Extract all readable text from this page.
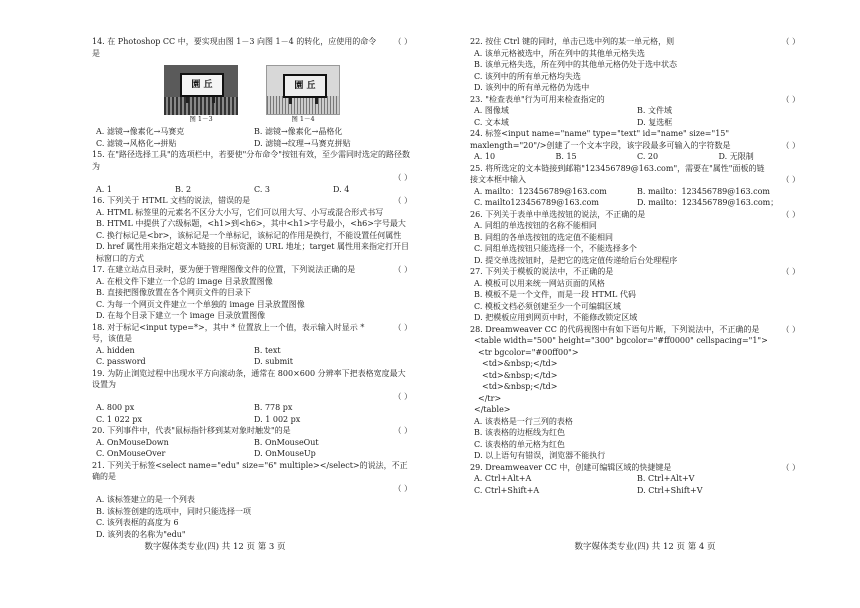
14. 在 Photoshop CC 中，要实现由图 1－3 向图 1－4 的转化，应使用的命令是
（ ）
園 丘
图 1－3
園 丘
图 1－4
A. 滤镜→像素化→马赛克	B. 滤镜→像素化→晶格化
C. 滤镜→风格化→拼贴	D. 滤镜→纹理→马赛克拼贴
15. 在"路径选择工具"的选项栏中，若要使"分布命令"按钮有效，至少需同时选定的路径数为
（ ）
A. 1	B. 2	C. 3	D. 4
16. 下列关于 HTML 文档的说法，错误的是	（ ）
A. HTML 标签里的元素名不区分大小写，它们可以用大写、小写或混合形式书写
B. HTML 中提供了六级标题，<h1>到<h6>，其中<h1>字号最小，<h6>字号最大
C. 换行标记是<br>，该标记是一个单标记，该标记的作用是换行，不能设置任何属性
D. href 属性用来指定超文本链接的目标资源的 URL 地址；target 属性用来指定打开目标窗口的方式
17. 在建立站点目录时，要为便于管理图像文件的位置，下列说法正确的是	（ ）
A. 在根文件下建立一个总的 image 目录放置图像
B. 直接把图像放置在各个网页文件的目录下
C. 为每一个网页文件建立一个单独的 image 目录放置图像
D. 在每个目录下建立一个 image 目录放置图像
18. 对于标记<input type=*>，其中 * 位置放上一个值，表示输入时显示 * 号，该值是
（ ）
A. hidden	B. text
C. password	D. submit
19. 为防止浏览过程中出现水平方向滚动条，通常在 800×600 分辨率下把表格宽度最大设置为
（ ）
A. 800 px	B. 778 px
C. 1 022 px	D. 1 002 px
20. 下列事件中，代表"鼠标指针移到某对象时触发"的是	（ ）
A. OnMouseDown	B. OnMouseOut
C. OnMouseOver	D. OnMouseUp
21. 下列关于标签<select name="edu" size="6" multiple></select>的说法，不正确的是
（ ）
A. 该标签建立的是一个列表
B. 该标签创建的选项中，同时只能选择一项
C. 该列表框的高度为 6
D. 该列表的名称为"edu"
数字媒体类专业(四) 共 12 页 第 3 页
22. 按住 Ctrl 键的同时，单击已选中列的某一单元格，则	（ ）
A. 该单元格被选中，所在列中的其他单元格失选
B. 该单元格失选，所在列中的其他单元格仍处于选中状态
C. 该列中的所有单元格均失选
D. 该列中的所有单元格仍为选中
23. "检查表单"行为可用来检查指定的	（ ）
A. 图像域	B. 文件域
C. 文本域	D. 复选框
24. 标签<input name="name" type="text" id="name" size="15" maxlength="20"/>创建了一个文本字段，该字段最多可输入的字符数是	（ ）
A. 10	B. 15	C. 20	D. 无限制
25. 将所选定的文本链接到邮箱"123456789@163.com"，需要在"属性"面板的链接文本框中输入	（ ）
A. mailto：123456789@163.com	B. mailto：123456789@163.com
C. mailto123456789@163.com	D. mailto：123456789@163.com；
26. 下列关于表单中单选按钮的说法，不正确的是	（ ）
A. 同组的单选按钮的名称不能相同
B. 同组的各单选按钮的选定值不能相同
C. 同组单选按钮只能选择一个，不能选择多个
D. 提交单选按钮时，是把它的选定值传递给后台处理程序
27. 下列关于模板的说法中，不正确的是	（ ）
A. 模板可以用来统一网站页面的风格
B. 模板不是一个文件，而是一段 HTML 代码
C. 模板文档必须创建至少一个可编辑区域
D. 把模板应用到网页中时，不能修改锁定区域
28. Dreamweaver CC 的代码视图中有如下语句片断，下列说法中，不正确的是	（ ）
<table width="500" height="300" bgcolor="#ff0000" cellspacing="1">
<tr bgcolor="#00ff00">
<td>&nbsp;</td>
<td>&nbsp;</td>
<td>&nbsp;</td>
</tr>
</table>
A. 该表格是一行三列的表格
B. 该表格的边框线为红色
C. 该表格的单元格为红色
D. 以上语句有错误，浏览器不能执行
29. Dreamweaver CC 中，创建可编辑区域的快捷键是	（ ）
A. Ctrl+Alt+A	B. Ctrl+Alt+V
C. Ctrl+Shift+A	D. Ctrl+Shift+V
数字媒体类专业(四) 共 12 页 第 4 页
